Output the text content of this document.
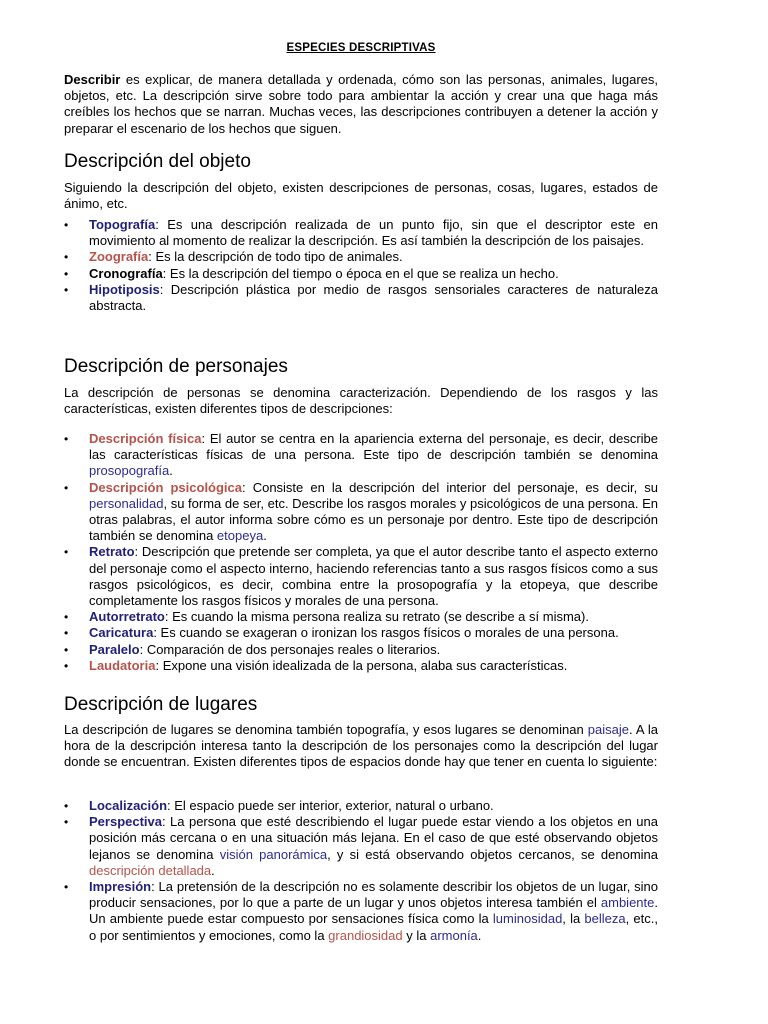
ESPECIES DESCRIPTIVAS

Describir es explicar, de manera detallada y ordenada, cómo son las personas, animales, lugares, objetos, etc. La descripción sirve sobre todo para ambientar la acción y crear una que haga más creíbles los hechos que se narran. Muchas veces, las descripciones contribuyen a detener la acción y preparar el escenario de los hechos que siguen.

Descripción del objeto

Siguiendo la descripción del objeto, existen descripciones de personas, cosas, lugares, estados de ánimo, etc.

• Topografía: Es una descripción realizada de un punto fijo, sin que el descriptor este en movimiento al momento de realizar la descripción. Es así también la descripción de los paisajes.
• Zoografía: Es la descripción de todo tipo de animales.
• Cronografía: Es la descripción del tiempo o época en el que se realiza un hecho.
• Hipotiposis: Descripción plástica por medio de rasgos sensoriales caracteres de naturaleza abstracta.
Descripción de personajes

La descripción de personas se denomina caracterización. Dependiendo de los rasgos y las características, existen diferentes tipos de descripciones:

• Descripción física: El autor se centra en la apariencia externa del personaje, es decir, describe las características físicas de una persona. Este tipo de descripción también se denomina prosopografía.
• Descripción psicológica: Consiste en la descripción del interior del personaje, es decir, su personalidad, su forma de ser, etc. Describe los rasgos morales y psicológicos de una persona. En otras palabras, el autor informa sobre cómo es un personaje por dentro. Este tipo de descripción también se denomina etopeya.
• Retrato: Descripción que pretende ser completa, ya que el autor describe tanto el aspecto externo del personaje como el aspecto interno, haciendo referencias tanto a sus rasgos físicos como a sus rasgos psicológicos, es decir, combina entre la prosopografía y la etopeya, que describe completamente los rasgos físicos y morales de una persona.
• Autorretrato: Es cuando la misma persona realiza su retrato (se describe a sí misma).
• Caricatura: Es cuando se exageran o ironizan los rasgos físicos o morales de una persona.
• Paralelo: Comparación de dos personajes reales o literarios.
• Laudatoria: Expone una visión idealizada de la persona, alaba sus características.
Descripción de lugares

La descripción de lugares se denomina también topografía, y esos lugares se denominan paisaje. A la hora de la descripción interesa tanto la descripción de los personajes como la descripción del lugar donde se encuentran. Existen diferentes tipos de espacios donde hay que tener en cuenta lo siguiente:

• Localización: El espacio puede ser interior, exterior, natural o urbano.
• Perspectiva: La persona que esté describiendo el lugar puede estar viendo a los objetos en una posición más cercana o en una situación más lejana. En el caso de que esté observando objetos lejanos se denomina visión panorámica, y si está observando objetos cercanos, se denomina descripción detallada.
• Impresión: La pretensión de la descripción no es solamente describir los objetos de un lugar, sino producir sensaciones, por lo que a parte de un lugar y unos objetos interesa también el ambiente. Un ambiente puede estar compuesto por sensaciones física como la luminosidad, la belleza, etc., o por sentimientos y emociones, como la grandiosidad y la armonía.
